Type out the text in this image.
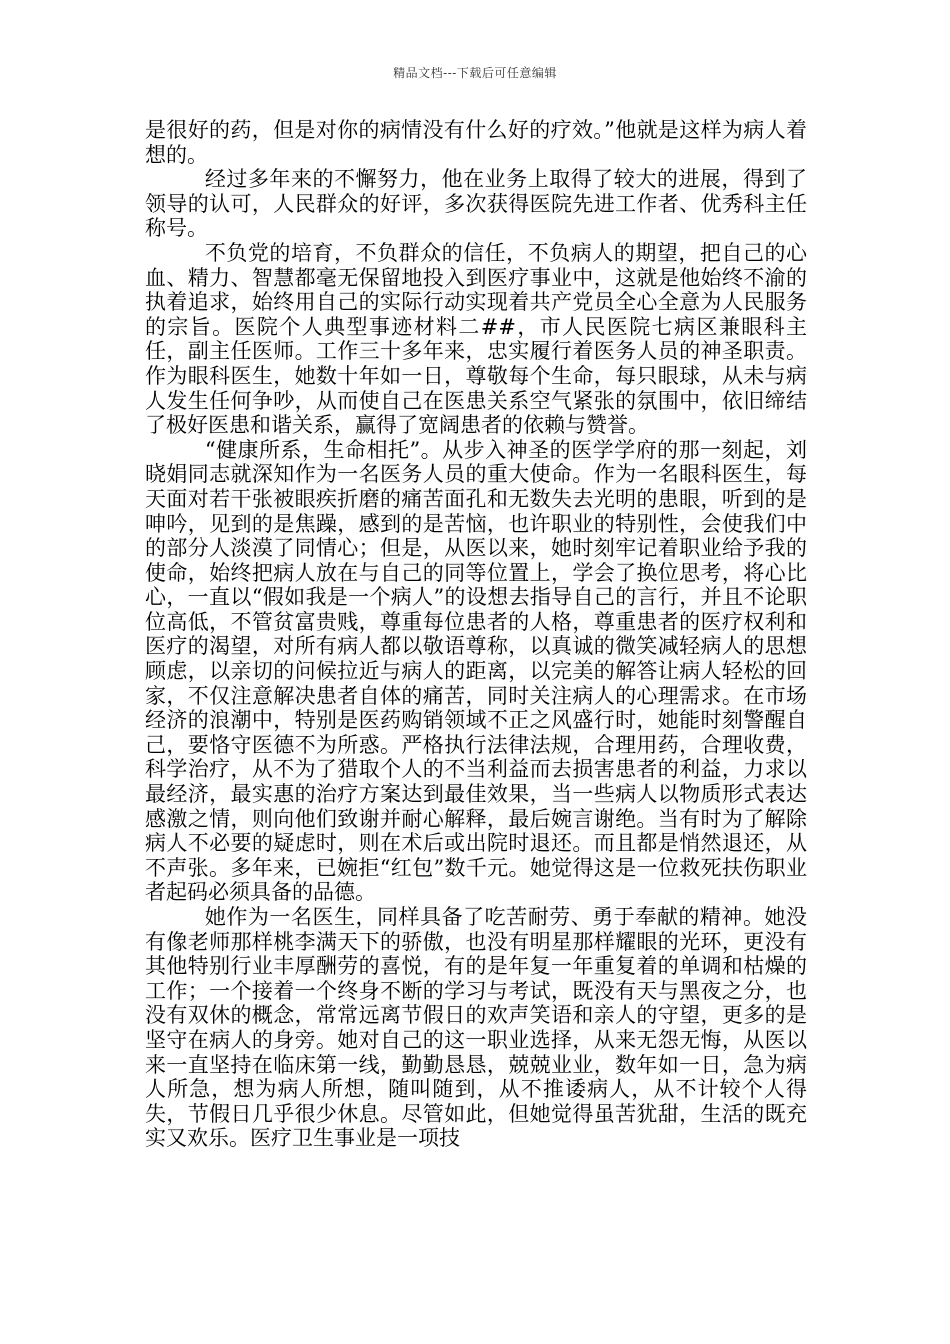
精品文档---下载后可任意编辑

是很好的药，但是对你的病情没有什么好的疗效。”他就是这样为病人着想的。

经过多年来的不懈努力，他在业务上取得了较大的进展，得到了领导的认可，人民群众的好评，多次获得医院先进工作者、优秀科主任称号。

不负党的培育，不负群众的信任，不负病人的期望，把自己的心血、精力、智慧都毫无保留地投入到医疗事业中，这就是他始终不渝的执着追求，始终用自己的实际行动实现着共产党员全心全意为人民服务的宗旨。医院个人典型事迹材料二##，市人民医院七病区兼眼科主任，副主任医师。工作三十多年来，忠实履行着医务人员的神圣职责。作为眼科医生，她数十年如一日，尊敬每个生命，每只眼球，从未与病人发生任何争吵，从而使自己在医患关系空气紧张的氛围中，依旧缔结了极好医患和谐关系，赢得了宽阔患者的依赖与赞誉。

“健康所系，生命相托”。从步入神圣的医学学府的那一刻起，刘晓娟同志就深知作为一名医务人员的重大使命。作为一名眼科医生，每天面对若干张被眼疾折磨的痛苦面孔和无数失去光明的患眼，听到的是呻吟，见到的是焦躁，感到的是苦恼，也许职业的特别性，会使我们中的部分人淡漠了同情心；但是，从医以来，她时刻牢记着职业给予我的使命，始终把病人放在与自己的同等位置上，学会了换位思考，将心比心，一直以“假如我是一个病人”的设想去指导自己的言行，并且不论职位高低，不管贫富贵贱，尊重每位患者的人格，尊重患者的医疗权利和医疗的渴望，对所有病人都以敬语尊称，以真诚的微笑减轻病人的思想顾虑，以亲切的问候拉近与病人的距离，以完美的解答让病人轻松的回家，不仅注意解决患者自体的痛苦，同时关注病人的心理需求。在市场经济的浪潮中，特别是医药购销领域不正之风盛行时，她能时刻警醒自己，要恪守医德不为所惑。严格执行法律法规，合理用药，合理收费，科学治疗，从不为了猎取个人的不当利益而去损害患者的利益，力求以最经济，最实惠的治疗方案达到最佳效果，当一些病人以物质形式表达感激之情，则向他们致谢并耐心解释，最后婉言谢绝。当有时为了解除病人不必要的疑虑时，则在术后或出院时退还。而且都是悄然退还，从不声张。多年来，已婉拒“红包”数千元。她觉得这是一位救死扶伤职业者起码必须具备的品德。

她作为一名医生，同样具备了吃苦耐劳、勇于奉献的精神。她没有像老师那样桃李满天下的骄傲，也没有明星那样耀眼的光环，更没有其他特别行业丰厚酬劳的喜悦，有的是年复一年重复着的单调和枯燥的工作；一个接着一个终身不断的学习与考试，既没有天与黑夜之分，也没有双休的概念，常常远离节假日的欢声笑语和亲人的守望，更多的是坚守在病人的身旁。她对自己的这一职业选择，从来无怨无悔，从医以来一直坚持在临床第一线，勤勤恳恳，兢兢业业，数年如一日，急为病人所急，想为病人所想，随叫随到，从不推诿病人，从不计较个人得失，节假日几乎很少休息。尽管如此，但她觉得虽苦犹甜，生活的既充实又欢乐。医疗卫生事业是一项技
